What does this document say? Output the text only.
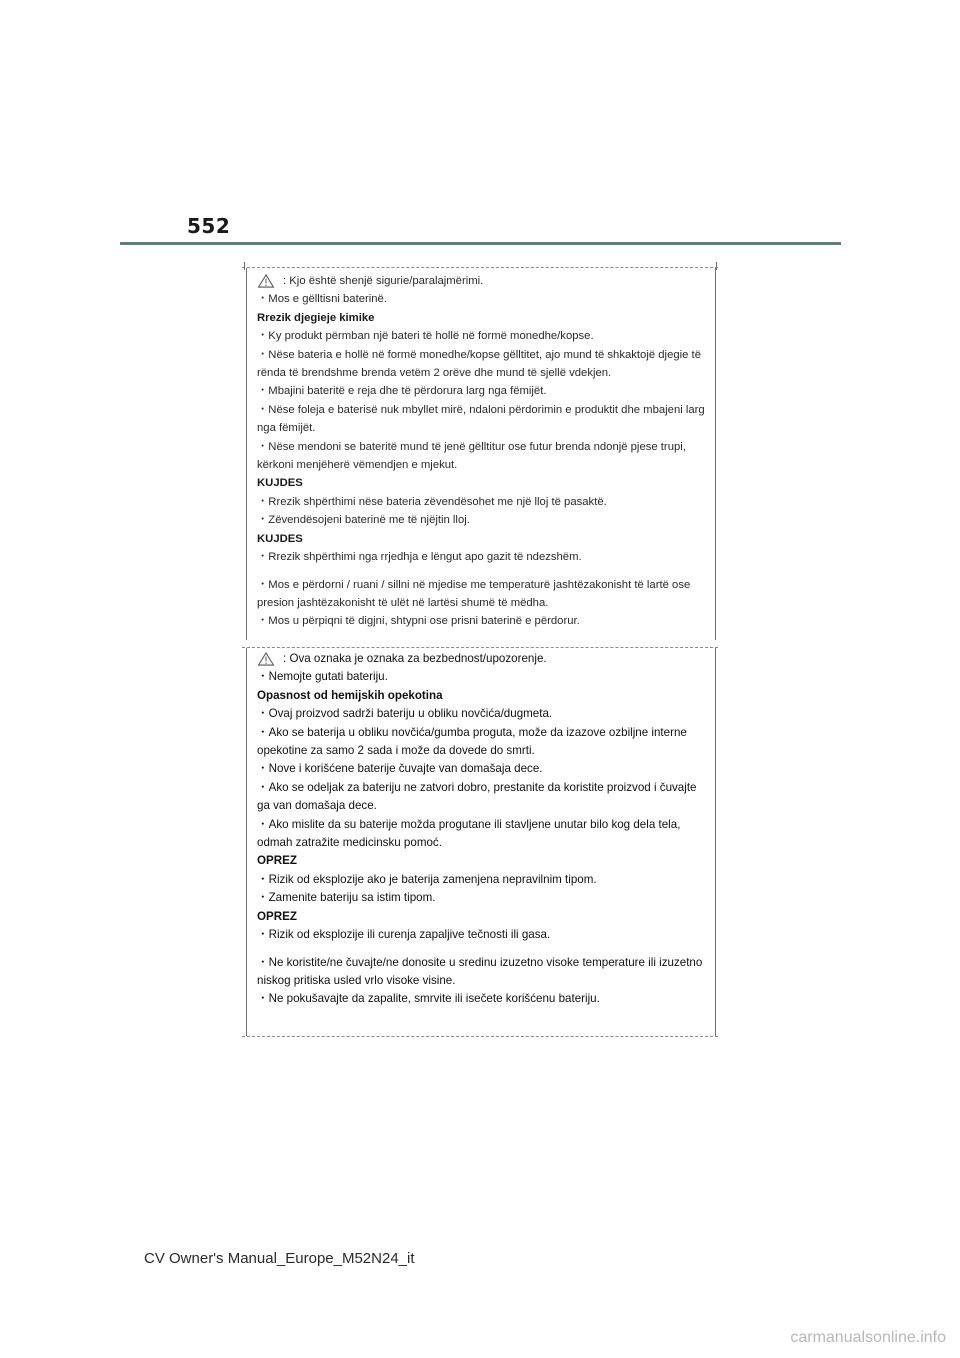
552

: Kjo është shenjë sigurie/paralajmërimi.

・Mos e gëlltisni baterinë.

Rrezik djegieje kimike

・Ky produkt përmban një bateri të hollë në formë monedhe/kopse.

・Nëse bateria e hollë në formë monedhe/kopse gëlltitet, ajo mund të shkaktojë djegie të rënda të brendshme brenda vetëm 2 orëve dhe mund të sjellë vdekjen.

・Mbajini bateritë e reja dhe të përdorura larg nga fëmijët.

・Nëse foleja e baterisë nuk mbyllet mirë, ndaloni përdorimin e produktit dhe mbajeni larg nga fëmijët.

・Nëse mendoni se bateritë mund të jenë gëlltitur ose futur brenda ndonjë pjese trupi, kërkoni menjëherë vëmendjen e mjekut.

KUJDES

・Rrezik shpërthimi nëse bateria zëvendësohet me një lloj të pasaktë.

・Zëvendësojeni baterinë me të njëjtin lloj.

KUJDES

・Rrezik shpërthimi nga rrjedhja e lëngut apo gazit të ndezshëm.

・Mos e përdorni / ruani / sillni në mjedise me temperaturë jashtëzakonisht të lartë ose presion jashtëzakonisht të ulët në lartësi shumë të mëdha.

・Mos u përpiqni të digjni, shtypni ose prisni baterinë e përdorur.

: Ova oznaka je oznaka za bezbednost/upozorenje.

・Nemojte gutati bateriju.

Opasnost od hemijskih opekotina

・Ovaj proizvod sadrži bateriju u obliku novčića/dugmeta.

・Ako se baterija u obliku novčića/gumba proguta, može da izazove ozbiljne interne opekotine za samo 2 sada i može da dovede do smrti.

・Nove i korišćene baterije čuvajte van domašaja dece.

・Ako se odeljak za bateriju ne zatvori dobro, prestanite da koristite proizvod i čuvajte ga van domašaja dece.

・Ako mislite da su baterije možda progutane ili stavljene unutar bilo kog dela tela, odmah zatražite medicinsku pomoć.

OPREZ

・Rizik od eksplozije ako je baterija zamenjena nepravilnim tipom.

・Zamenite bateriju sa istim tipom.

OPREZ

・Rizik od eksplozije ili curenja zapaljive tečnosti ili gasa.

・Ne koristite/ne čuvajte/ne donosite u sredinu izuzetno visoke temperature ili izuzetno niskog pritiska usled vrlo visoke visine.

・Ne pokušavajte da zapalite, smrvite ili isečete korišćenu bateriju.

CV Owner's Manual_Europe_M52N24_it
carmanualsonline.info
